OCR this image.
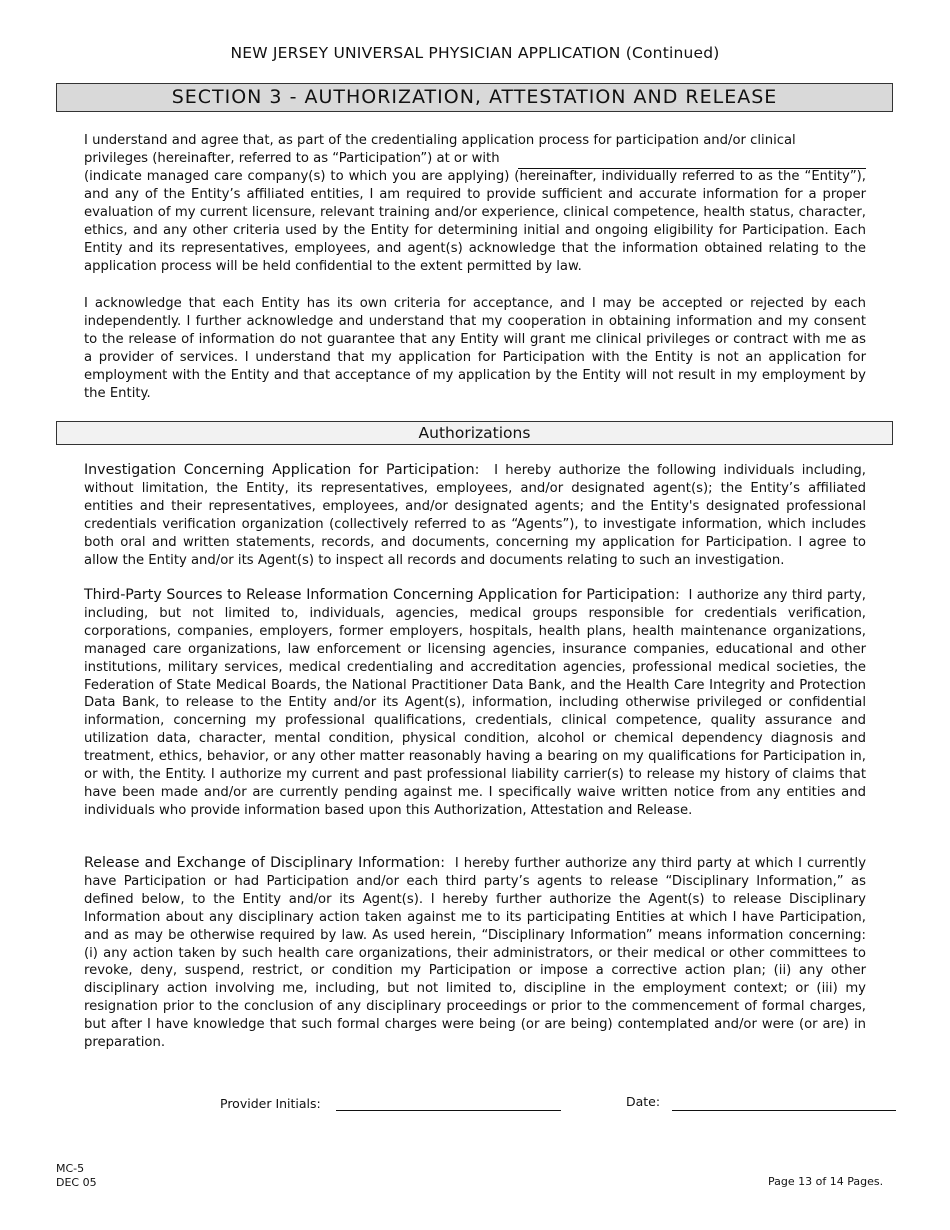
NEW JERSEY UNIVERSAL PHYSICIAN APPLICATION (Continued)
SECTION 3 - AUTHORIZATION, ATTESTATION AND RELEASE

I understand and agree that, as part of the credentialing application process for participation and/or clinical

privileges (hereinafter, referred to as “Participation”) at or with

(indicate managed care company(s) to which you are applying) (hereinafter, individually referred to as the “Entity”), and any of the Entity’s affiliated entities, I am required to provide sufficient and accurate information for a proper evaluation of my current licensure, relevant training and/or experience, clinical competence, health status, character, ethics, and any other criteria used by the Entity for determining initial and ongoing eligibility for Participation. Each Entity and its representatives, employees, and agent(s) acknowledge that the information obtained relating to the application process will be held confidential to the extent permitted by law.

I acknowledge that each Entity has its own criteria for acceptance, and I may be accepted or rejected by each independently. I further acknowledge and understand that my cooperation in obtaining information and my consent to the release of information do not guarantee that any Entity will grant me clinical privileges or contract with me as a provider of services. I understand that my application for Participation with the Entity is not an application for employment with the Entity and that acceptance of my application by the Entity will not result in my employment by the Entity.

Authorizations

Investigation Concerning Application for Participation: I hereby authorize the following individuals including, without limitation, the Entity, its representatives, employees, and/or designated agent(s); the Entity’s affiliated entities and their representatives, employees, and/or designated agents; and the Entity's designated professional credentials verification organization (collectively referred to as “Agents”), to investigate information, which includes both oral and written statements, records, and documents, concerning my application for Participation. I agree to allow the Entity and/or its Agent(s) to inspect all records and documents relating to such an investigation.

Third-Party Sources to Release Information Concerning Application for Participation: I authorize any third party, including, but not limited to, individuals, agencies, medical groups responsible for credentials verification, corporations, companies, employers, former employers, hospitals, health plans, health maintenance organizations, managed care organizations, law enforcement or licensing agencies, insurance companies, educational and other institutions, military services, medical credentialing and accreditation agencies, professional medical societies, the Federation of State Medical Boards, the National Practitioner Data Bank, and the Health Care Integrity and Protection Data Bank, to release to the Entity and/or its Agent(s), information, including otherwise privileged or confidential information, concerning my professional qualifications, credentials, clinical competence, quality assurance and utilization data, character, mental condition, physical condition, alcohol or chemical dependency diagnosis and treatment, ethics, behavior, or any other matter reasonably having a bearing on my qualifications for Participation in, or with, the Entity. I authorize my current and past professional liability carrier(s) to release my history of claims that have been made and/or are currently pending against me. I specifically waive written notice from any entities and individuals who provide information based upon this Authorization, Attestation and Release.

Release and Exchange of Disciplinary Information: I hereby further authorize any third party at which I currently have Participation or had Participation and/or each third party’s agents to release “Disciplinary Information,” as defined below, to the Entity and/or its Agent(s). I hereby further authorize the Agent(s) to release Disciplinary Information about any disciplinary action taken against me to its participating Entities at which I have Participation, and as may be otherwise required by law. As used herein, “Disciplinary Information” means information concerning: (i) any action taken by such health care organizations, their administrators, or their medical or other committees to revoke, deny, suspend, restrict, or condition my Participation or impose a corrective action plan; (ii) any other disciplinary action involving me, including, but not limited to, discipline in the employment context; or (iii) my resignation prior to the conclusion of any disciplinary proceedings or prior to the commencement of formal charges, but after I have knowledge that such formal charges were being (or are being) contemplated and/or were (or are) in preparation.

Provider Initials:	Date:
MC-5
DEC 05	Page 13 of 14 Pages.
